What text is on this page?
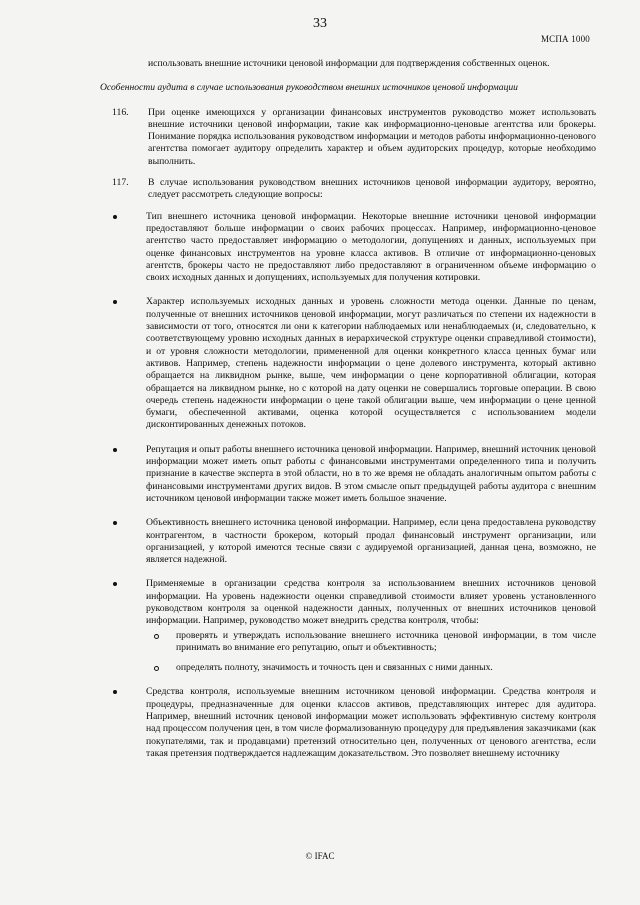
33
МСПА 1000

использовать внешние источники ценовой информации для подтверждения собственных оценок.

Особенности аудита в случае использования руководством внешних источников ценовой информации

116. При оценке имеющихся у организации финансовых инструментов руководство может использовать внешние источники ценовой информации, такие как информационно-ценовые агентства или брокеры. Понимание порядка использования руководством информации и методов работы информационно-ценового агентства помогает аудитору определить характер и объем аудиторских процедур, которые необходимо выполнить.
117. В случае использования руководством внешних источников ценовой информации аудитору, вероятно, следует рассмотреть следующие вопросы:
Тип внешнего источника ценовой информации. Некоторые внешние источники ценовой информации предоставляют больше информации о своих рабочих процессах. Например, информационно-ценовое агентство часто предоставляет информацию о методологии, допущениях и данных, используемых при оценке финансовых инструментов на уровне класса активов. В отличие от информационно-ценовых агентств, брокеры часто не предоставляют либо предоставляют в ограниченном объеме информацию о своих исходных данных и допущениях, используемых для получения котировки.
Характер используемых исходных данных и уровень сложности метода оценки. Данные по ценам, полученные от внешних источников ценовой информации, могут различаться по степени их надежности в зависимости от того, относятся ли они к категории наблюдаемых или ненаблюдаемых (и, следовательно, к соответствующему уровню исходных данных в иерархической структуре оценки справедливой стоимости), и от уровня сложности методологии, примененной для оценки конкретного класса ценных бумаг или активов. Например, степень надежности информации о цене долевого инструмента, который активно обращается на ликвидном рынке, выше, чем информации о цене корпоративной облигации, которая обращается на ликвидном рынке, но с которой на дату оценки не совершались торговые операции. В свою очередь степень надежности информации о цене такой облигации выше, чем информации о цене ценной бумаги, обеспеченной активами, оценка которой осуществляется с использованием модели дисконтированных денежных потоков.
Репутация и опыт работы внешнего источника ценовой информации. Например, внешний источник ценовой информации может иметь опыт работы с финансовыми инструментами определенного типа и получить признание в качестве эксперта в этой области, но в то же время не обладать аналогичным опытом работы с финансовыми инструментами других видов. В этом смысле опыт предыдущей работы аудитора с внешним источником ценовой информации также может иметь большое значение.
Объективность внешнего источника ценовой информации. Например, если цена предоставлена руководству контрагентом, в частности брокером, который продал финансовый инструмент организации, или организацией, у которой имеются тесные связи с аудируемой организацией, данная цена, возможно, не является надежной.
Применяемые в организации средства контроля за использованием внешних источников ценовой информации. На уровень надежности оценки справедливой стоимости влияет уровень установленного руководством контроля за оценкой надежности данных, полученных от внешних источников ценовой информации. Например, руководство может внедрить средства контроля, чтобы:
проверять и утверждать использование внешнего источника ценовой информации, в том числе принимать во внимание его репутацию, опыт и объективность;
определять полноту, значимость и точность цен и связанных с ними данных.
Средства контроля, используемые внешним источником ценовой информации. Средства контроля и процедуры, предназначенные для оценки классов активов, представляющих интерес для аудитора. Например, внешний источник ценовой информации может использовать эффективную систему контроля над процессом получения цен, в том числе формализованную процедуру для предъявления заказчиками (как покупателями, так и продавцами) претензий относительно цен, полученных от ценового агентства, если такая претензия подтверждается надлежащим доказательством. Это позволяет внешнему источнику
© IFAC
